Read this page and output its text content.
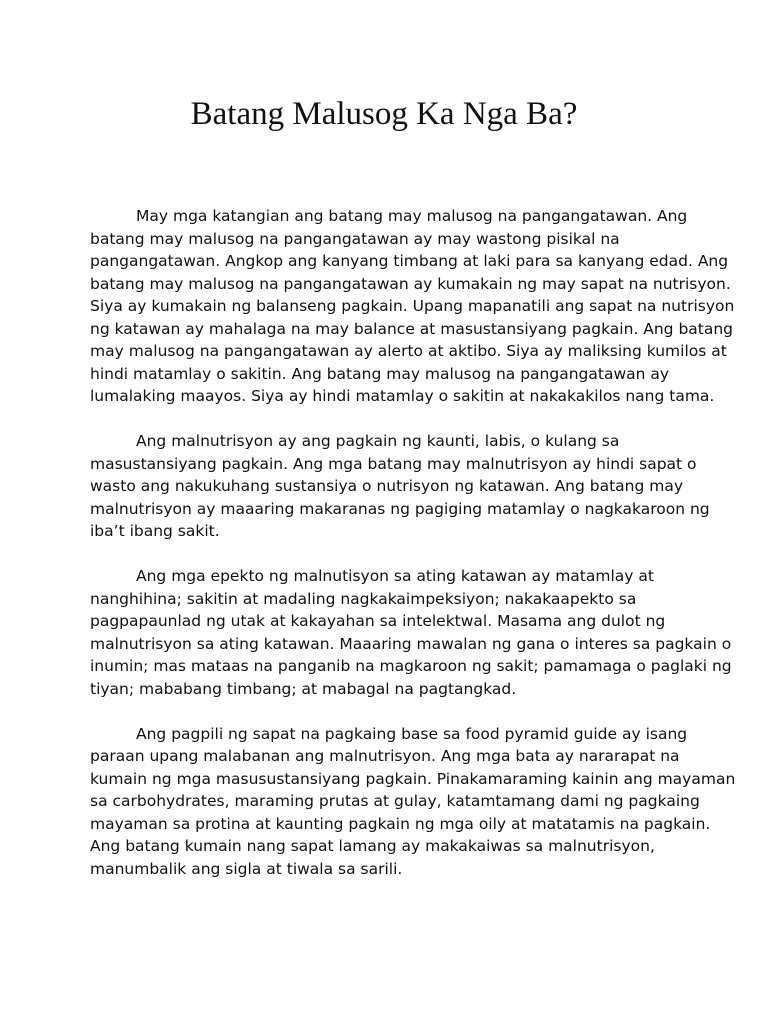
Batang Malusog Ka Nga Ba?

May mga katangian ang batang may malusog na pangangatawan. Ang
batang may malusog na pangangatawan ay may wastong pisikal na
pangangatawan. Angkop ang kanyang timbang at laki para sa kanyang edad. Ang
batang may malusog na pangangatawan ay kumakain ng may sapat na nutrisyon.
Siya ay kumakain ng balanseng pagkain. Upang mapanatili ang sapat na nutrisyon
ng katawan ay mahalaga na may balance at masustansiyang pagkain. Ang batang
may malusog na pangangatawan ay alerto at aktibo. Siya ay maliksing kumilos at
hindi matamlay o sakitin. Ang batang may malusog na pangangatawan ay
lumalaking maayos. Siya ay hindi matamlay o sakitin at nakakakilos nang tama.

Ang malnutrisyon ay ang pagkain ng kaunti, labis, o kulang sa
masustansiyang pagkain. Ang mga batang may malnutrisyon ay hindi sapat o
wasto ang nakukuhang sustansiya o nutrisyon ng katawan. Ang batang may
malnutrisyon ay maaaring makaranas ng pagiging matamlay o nagkakaroon ng
iba’t ibang sakit.

Ang mga epekto ng malnutisyon sa ating katawan ay matamlay at
nanghihina; sakitin at madaling nagkakaimpeksiyon; nakakaapekto sa
pagpapaunlad ng utak at kakayahan sa intelektwal. Masama ang dulot ng
malnutrisyon sa ating katawan. Maaaring mawalan ng gana o interes sa pagkain o
inumin; mas mataas na panganib na magkaroon ng sakit; pamamaga o paglaki ng
tiyan; mababang timbang; at mabagal na pagtangkad.

Ang pagpili ng sapat na pagkaing base sa food pyramid guide ay isang
paraan upang malabanan ang malnutrisyon. Ang mga bata ay nararapat na
kumain ng mga masusustansiyang pagkain. Pinakamaraming kainin ang mayaman
sa carbohydrates, maraming prutas at gulay, katamtamang dami ng pagkaing
mayaman sa protina at kaunting pagkain ng mga oily at matatamis na pagkain.
Ang batang kumain nang sapat lamang ay makakaiwas sa malnutrisyon,
manumbalik ang sigla at tiwala sa sarili.
